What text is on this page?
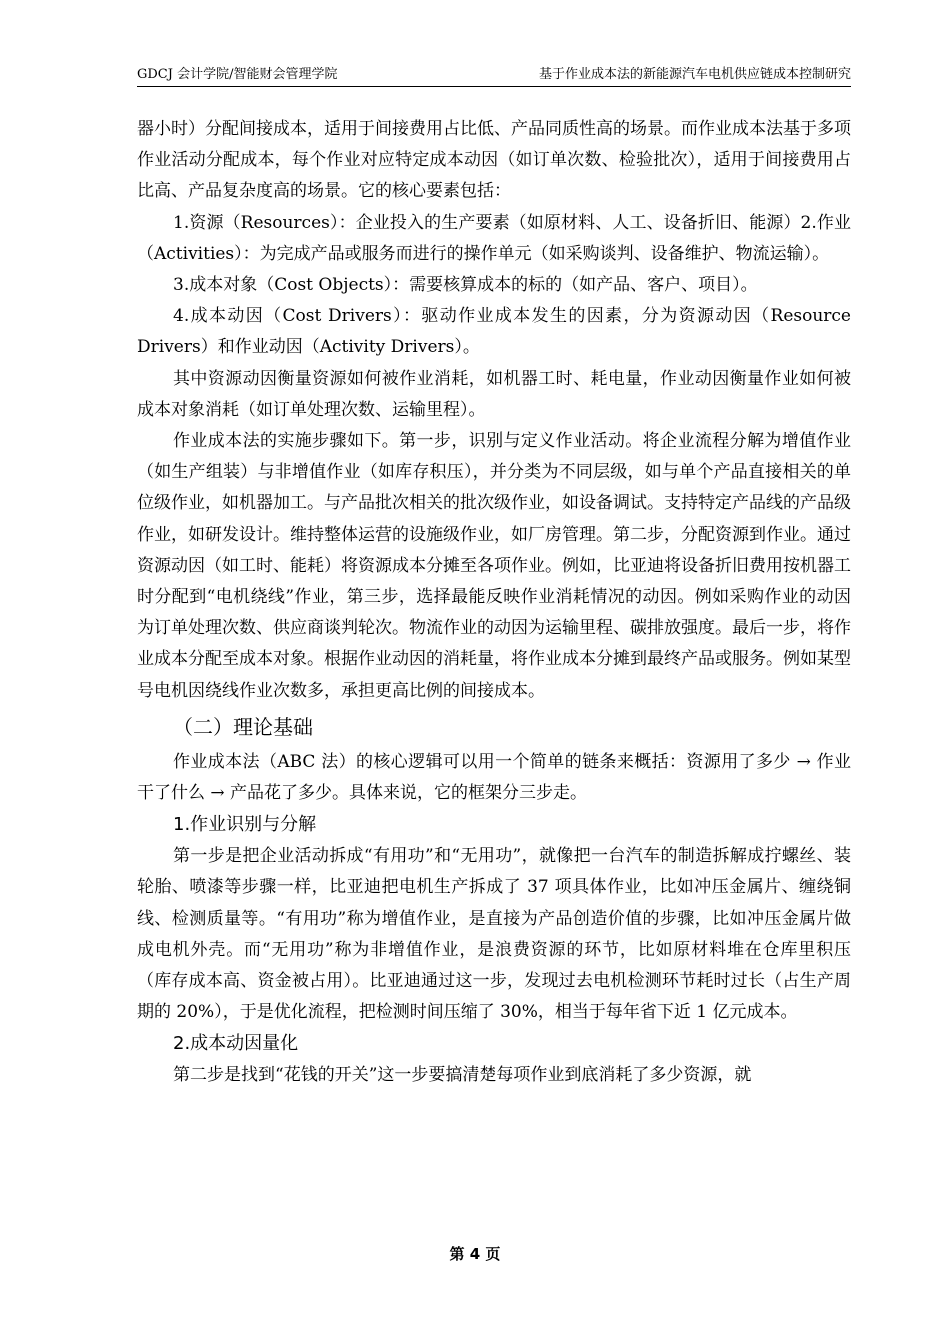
GDCJ 会计学院/智能财会管理学院	基于作业成本法的新能源汽车电机供应链成本控制研究

器小时）分配间接成本，适用于间接费用占比低、产品同质性高的场景。而作业成本法基于多项作业活动分配成本，每个作业对应特定成本动因（如订单次数、检验批次），适用于间接费用占比高、产品复杂度高的场景。它的核心要素包括：

1.资源（Resources）：企业投入的生产要素（如原材料、人工、设备折旧、能源）2.作业（Activities）：为完成产品或服务而进行的操作单元（如采购谈判、设备维护、物流运输）。

3.成本对象（Cost Objects）：需要核算成本的标的（如产品、客户、项目）。

4.成本动因（Cost Drivers）：驱动作业成本发生的因素，分为资源动因（Resource Drivers）和作业动因（Activity Drivers）。

其中资源动因衡量资源如何被作业消耗，如机器工时、耗电量，作业动因衡量作业如何被成本对象消耗（如订单处理次数、运输里程）。

作业成本法的实施步骤如下。第一步，识别与定义作业活动。将企业流程分解为增值作业（如生产组装）与非增值作业（如库存积压），并分类为不同层级，如与单个产品直接相关的单位级作业，如机器加工。与产品批次相关的批次级作业，如设备调试。支持特定产品线的产品级作业，如研发设计。维持整体运营的设施级作业，如厂房管理。第二步，分配资源到作业。通过资源动因（如工时、能耗）将资源成本分摊至各项作业。例如，比亚迪将设备折旧费用按机器工时分配到“电机绕线”作业，第三步，选择最能反映作业消耗情况的动因。例如采购作业的动因为订单处理次数、供应商谈判轮次。物流作业的动因为运输里程、碳排放强度。最后一步，将作业成本分配至成本对象。根据作业动因的消耗量，将作业成本分摊到最终产品或服务。例如某型号电机因绕线作业次数多，承担更高比例的间接成本。

（二）理论基础

作业成本法（ABC 法）的核心逻辑可以用一个简单的链条来概括：资源用了多少 → 作业干了什么 → 产品花了多少。具体来说，它的框架分三步走。

1.作业识别与分解

第一步是把企业活动拆成“有用功”和“无用功”，就像把一台汽车的制造拆解成拧螺丝、装轮胎、喷漆等步骤一样，比亚迪把电机生产拆成了 37 项具体作业，比如冲压金属片、缠绕铜线、检测质量等。“有用功”称为增值作业，是直接为产品创造价值的步骤，比如冲压金属片做成电机外壳。而“无用功”称为非增值作业，是浪费资源的环节，比如原材料堆在仓库里积压（库存成本高、资金被占用）。比亚迪通过这一步，发现过去电机检测环节耗时过长（占生产周期的 20%），于是优化流程，把检测时间压缩了 30%，相当于每年省下近 1 亿元成本。

2.成本动因量化

第二步是找到“花钱的开关”这一步要搞清楚每项作业到底消耗了多少资源，就

第 4 页
